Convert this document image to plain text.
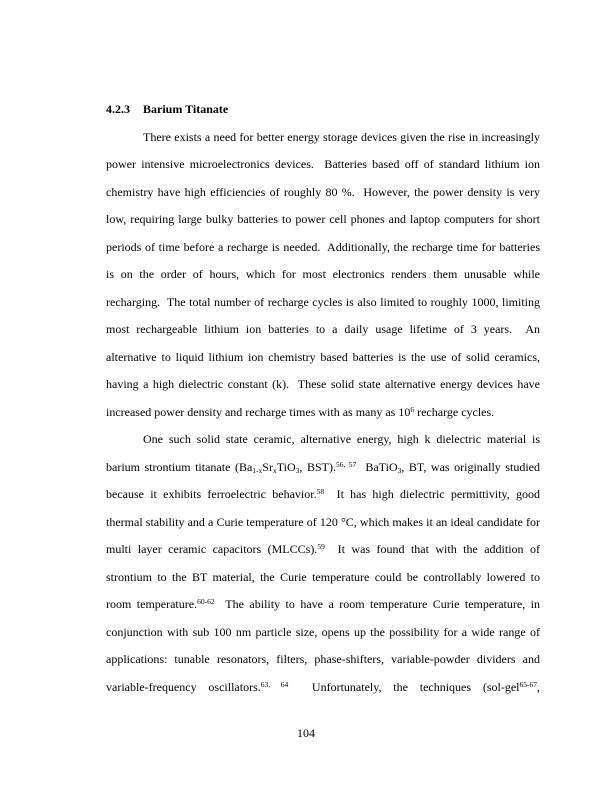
4.2.3 Barium Titanate
There exists a need for better energy storage devices given the rise in increasingly
power intensive microelectronics devices.  Batteries based off of standard lithium ion
chemistry have high efficiencies of roughly 80 %.  However, the power density is very
low, requiring large bulky batteries to power cell phones and laptop computers for short
periods of time before a recharge is needed.  Additionally, the recharge time for batteries
is on the order of hours, which for most electronics renders them unusable while
recharging.  The total number of recharge cycles is also limited to roughly 1000, limiting
most rechargeable lithium ion batteries to a daily usage lifetime of 3 years.  An
alternative to liquid lithium ion chemistry based batteries is the use of solid ceramics,
having a high dielectric constant (k).  These solid state alternative energy devices have
increased power density and recharge times with as many as $10^6$ recharge cycles.
One such solid state ceramic, alternative energy, high k dielectric material is
barium strontium titanate ($Ba_{1-x}Sr_xTiO_3$, BST).$^{56, 57}$  BaTiO$_3$, BT, was originally studied
because it exhibits ferroelectric behavior.$^{58}$  It has high dielectric permittivity, good
thermal stability and a Curie temperature of 120 °C, which makes it an ideal candidate for
multi layer ceramic capacitors (MLCCs).$^{59}$  It was found that with the addition of
strontium to the BT material, the Curie temperature could be controllably lowered to
room temperature.$^{60-62}$  The ability to have a room temperature Curie temperature, in
conjunction with sub 100 nm particle size, opens up the possibility for a wide range of
applications: tunable resonators, filters, phase-shifters, variable-powder dividers and
variable-frequency oscillators.$^{63, 64}$  Unfortunately, the techniques (sol-gel$^{65-67}$,
104
